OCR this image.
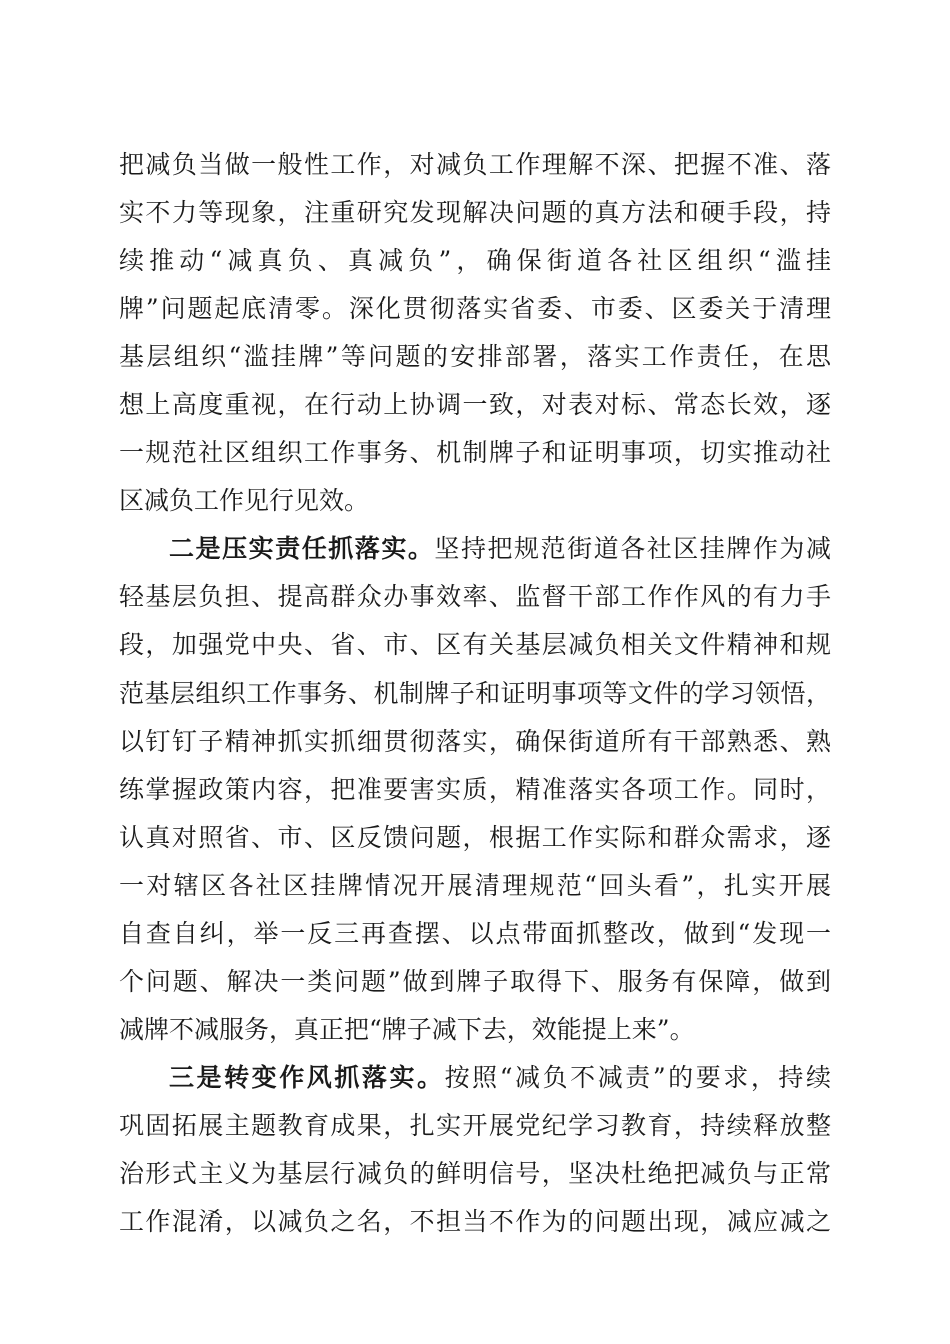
把减负当做一般性工作，对减负工作理解不深、把握不准、落
实不力等现象，注重研究发现解决问题的真方法和硬手段，持
续推动“减真负、真减负”，确保街道各社区组织“滥挂
牌”问题起底清零。深化贯彻落实省委、市委、区委关于清理
基层组织“滥挂牌”等问题的安排部署，落实工作责任，在思
想上高度重视，在行动上协调一致，对表对标、常态长效，逐
一规范社区组织工作事务、机制牌子和证明事项，切实推动社
区减负工作见行见效。
二是压实责任抓落实。坚持把规范街道各社区挂牌作为减
轻基层负担、提高群众办事效率、监督干部工作作风的有力手
段，加强党中央、省、市、区有关基层减负相关文件精神和规
范基层组织工作事务、机制牌子和证明事项等文件的学习领悟，
以钉钉子精神抓实抓细贯彻落实，确保街道所有干部熟悉、熟
练掌握政策内容，把准要害实质，精准落实各项工作。同时，
认真对照省、市、区反馈问题，根据工作实际和群众需求，逐
一对辖区各社区挂牌情况开展清理规范“回头看”，扎实开展
自查自纠，举一反三再查摆、以点带面抓整改，做到“发现一
个问题、解决一类问题”做到牌子取得下、服务有保障，做到
减牌不减服务，真正把“牌子减下去，效能提上来”。
三是转变作风抓落实。按照“减负不减责”的要求，持续
巩固拓展主题教育成果，扎实开展党纪学习教育，持续释放整
治形式主义为基层行减负的鲜明信号，坚决杜绝把减负与正常
工作混淆，以减负之名，不担当不作为的问题出现，减应减之
